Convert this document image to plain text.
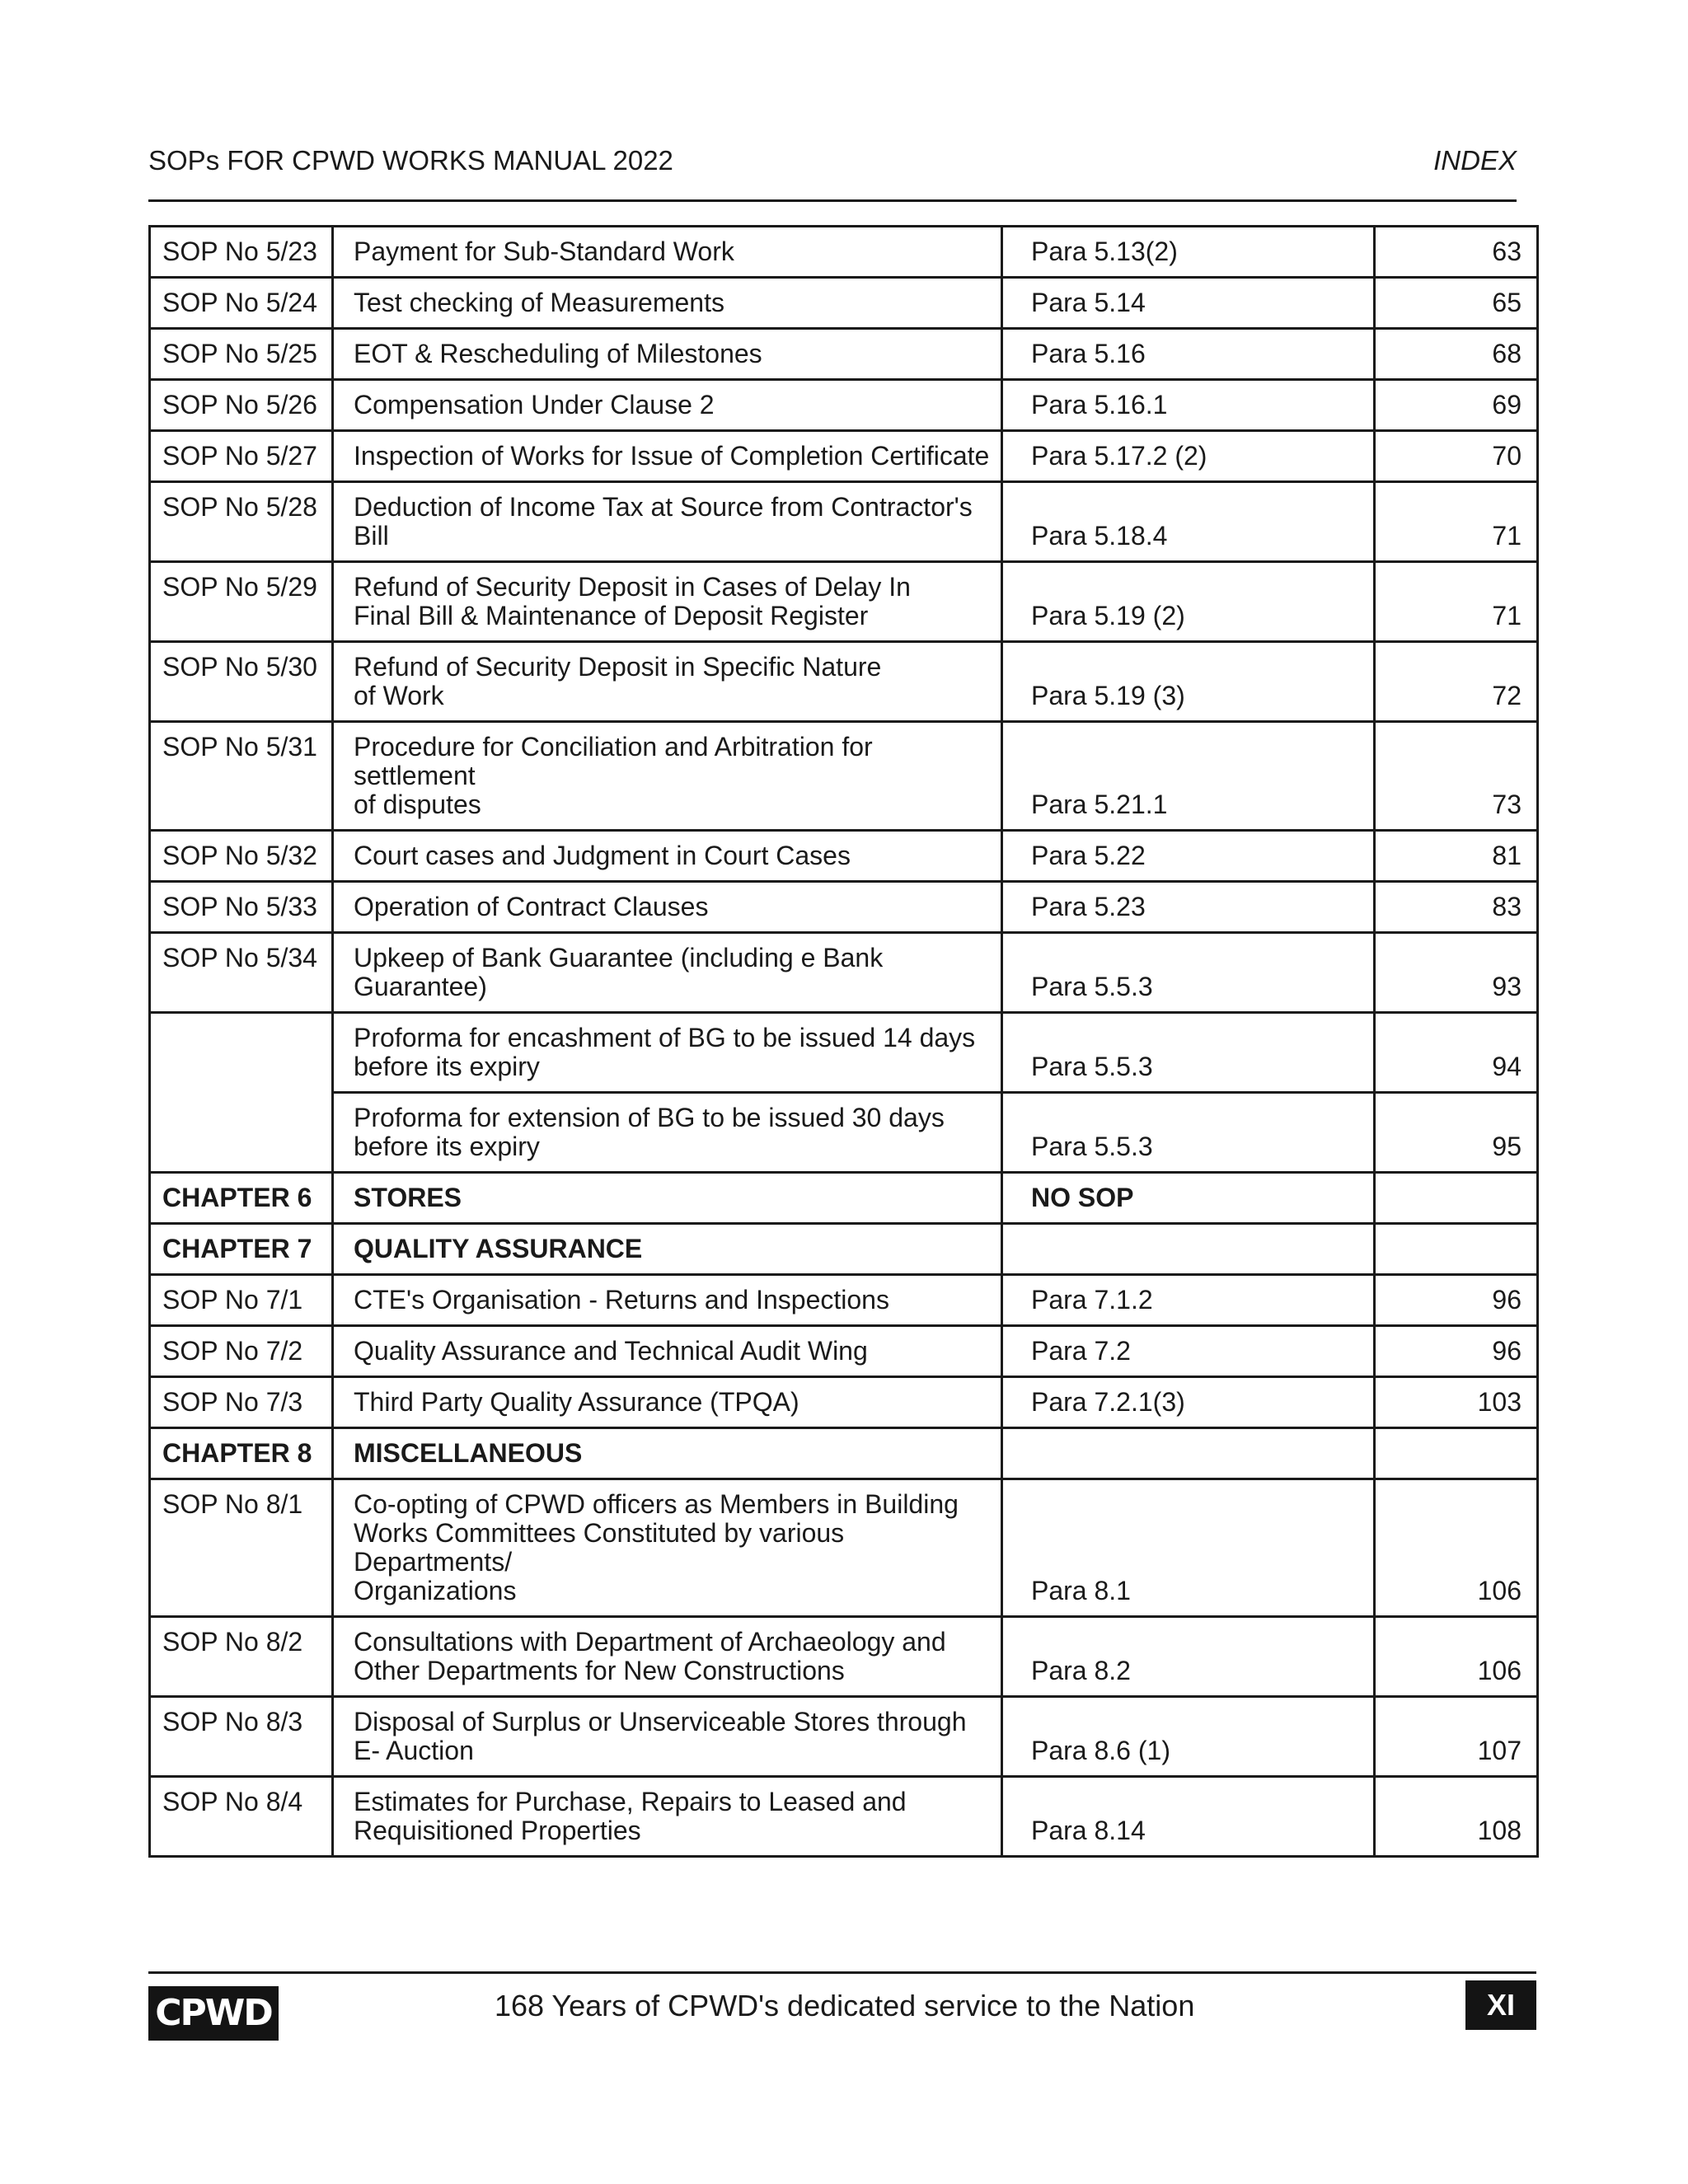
SOPs FOR CPWD WORKS MANUAL 2022	INDEX
SOP No 5/23	Payment for Sub-Standard Work	Para 5.13(2)	63
SOP No 5/24	Test checking of Measurements	Para 5.14	65
SOP No 5/25	EOT & Rescheduling of Milestones	Para 5.16	68
SOP No 5/26	Compensation Under Clause 2	Para 5.16.1	69
SOP No 5/27	Inspection of Works for Issue of Completion Certificate	Para 5.17.2 (2)	70
SOP No 5/28	Deduction of Income Tax at Source from Contractor's
Bill	Para 5.18.4	71
SOP No 5/29	Refund of Security Deposit in Cases of Delay In
Final Bill & Maintenance of Deposit Register	Para 5.19 (2)	71
SOP No 5/30	Refund of Security Deposit in Specific Nature
of Work	Para 5.19 (3)	72
SOP No 5/31	Procedure for Conciliation and Arbitration for settlement
of disputes	Para 5.21.1	73
SOP No 5/32	Court cases and Judgment in Court Cases	Para 5.22	81
SOP No 5/33	Operation of Contract Clauses	Para 5.23	83
SOP No 5/34	Upkeep of Bank Guarantee (including e Bank
Guarantee)	Para 5.5.3	93

	Proforma for encashment of BG to be issued 14 days
before its expiry	Para 5.5.3	94

	Proforma for extension of BG to be issued 30 days
before its expiry	Para 5.5.3	95
CHAPTER 6	STORES	NO SOP	
CHAPTER 7	QUALITY ASSURANCE		

SOP No 7/1	CTE's Organisation - Returns and Inspections	Para 7.1.2	96
SOP No 7/2	Quality Assurance and Technical Audit Wing	Para 7.2	96
SOP No 7/3	Third Party Quality Assurance (TPQA)	Para 7.2.1(3)	103
CHAPTER 8	MISCELLANEOUS		

SOP No 8/1	Co-opting of CPWD officers as Members in Building
Works Committees Constituted by various Departments/
Organizations	Para 8.1	106
SOP No 8/2	Consultations with Department of Archaeology and
Other Departments for New Constructions	Para 8.2	106
SOP No 8/3	Disposal of Surplus or Unserviceable Stores through
E- Auction	Para 8.6 (1)	107
SOP No 8/4	Estimates for Purchase, Repairs to Leased and
Requisitioned Properties	Para 8.14	108
CPWD	168 Years of CPWD's dedicated service to the Nation	XI
